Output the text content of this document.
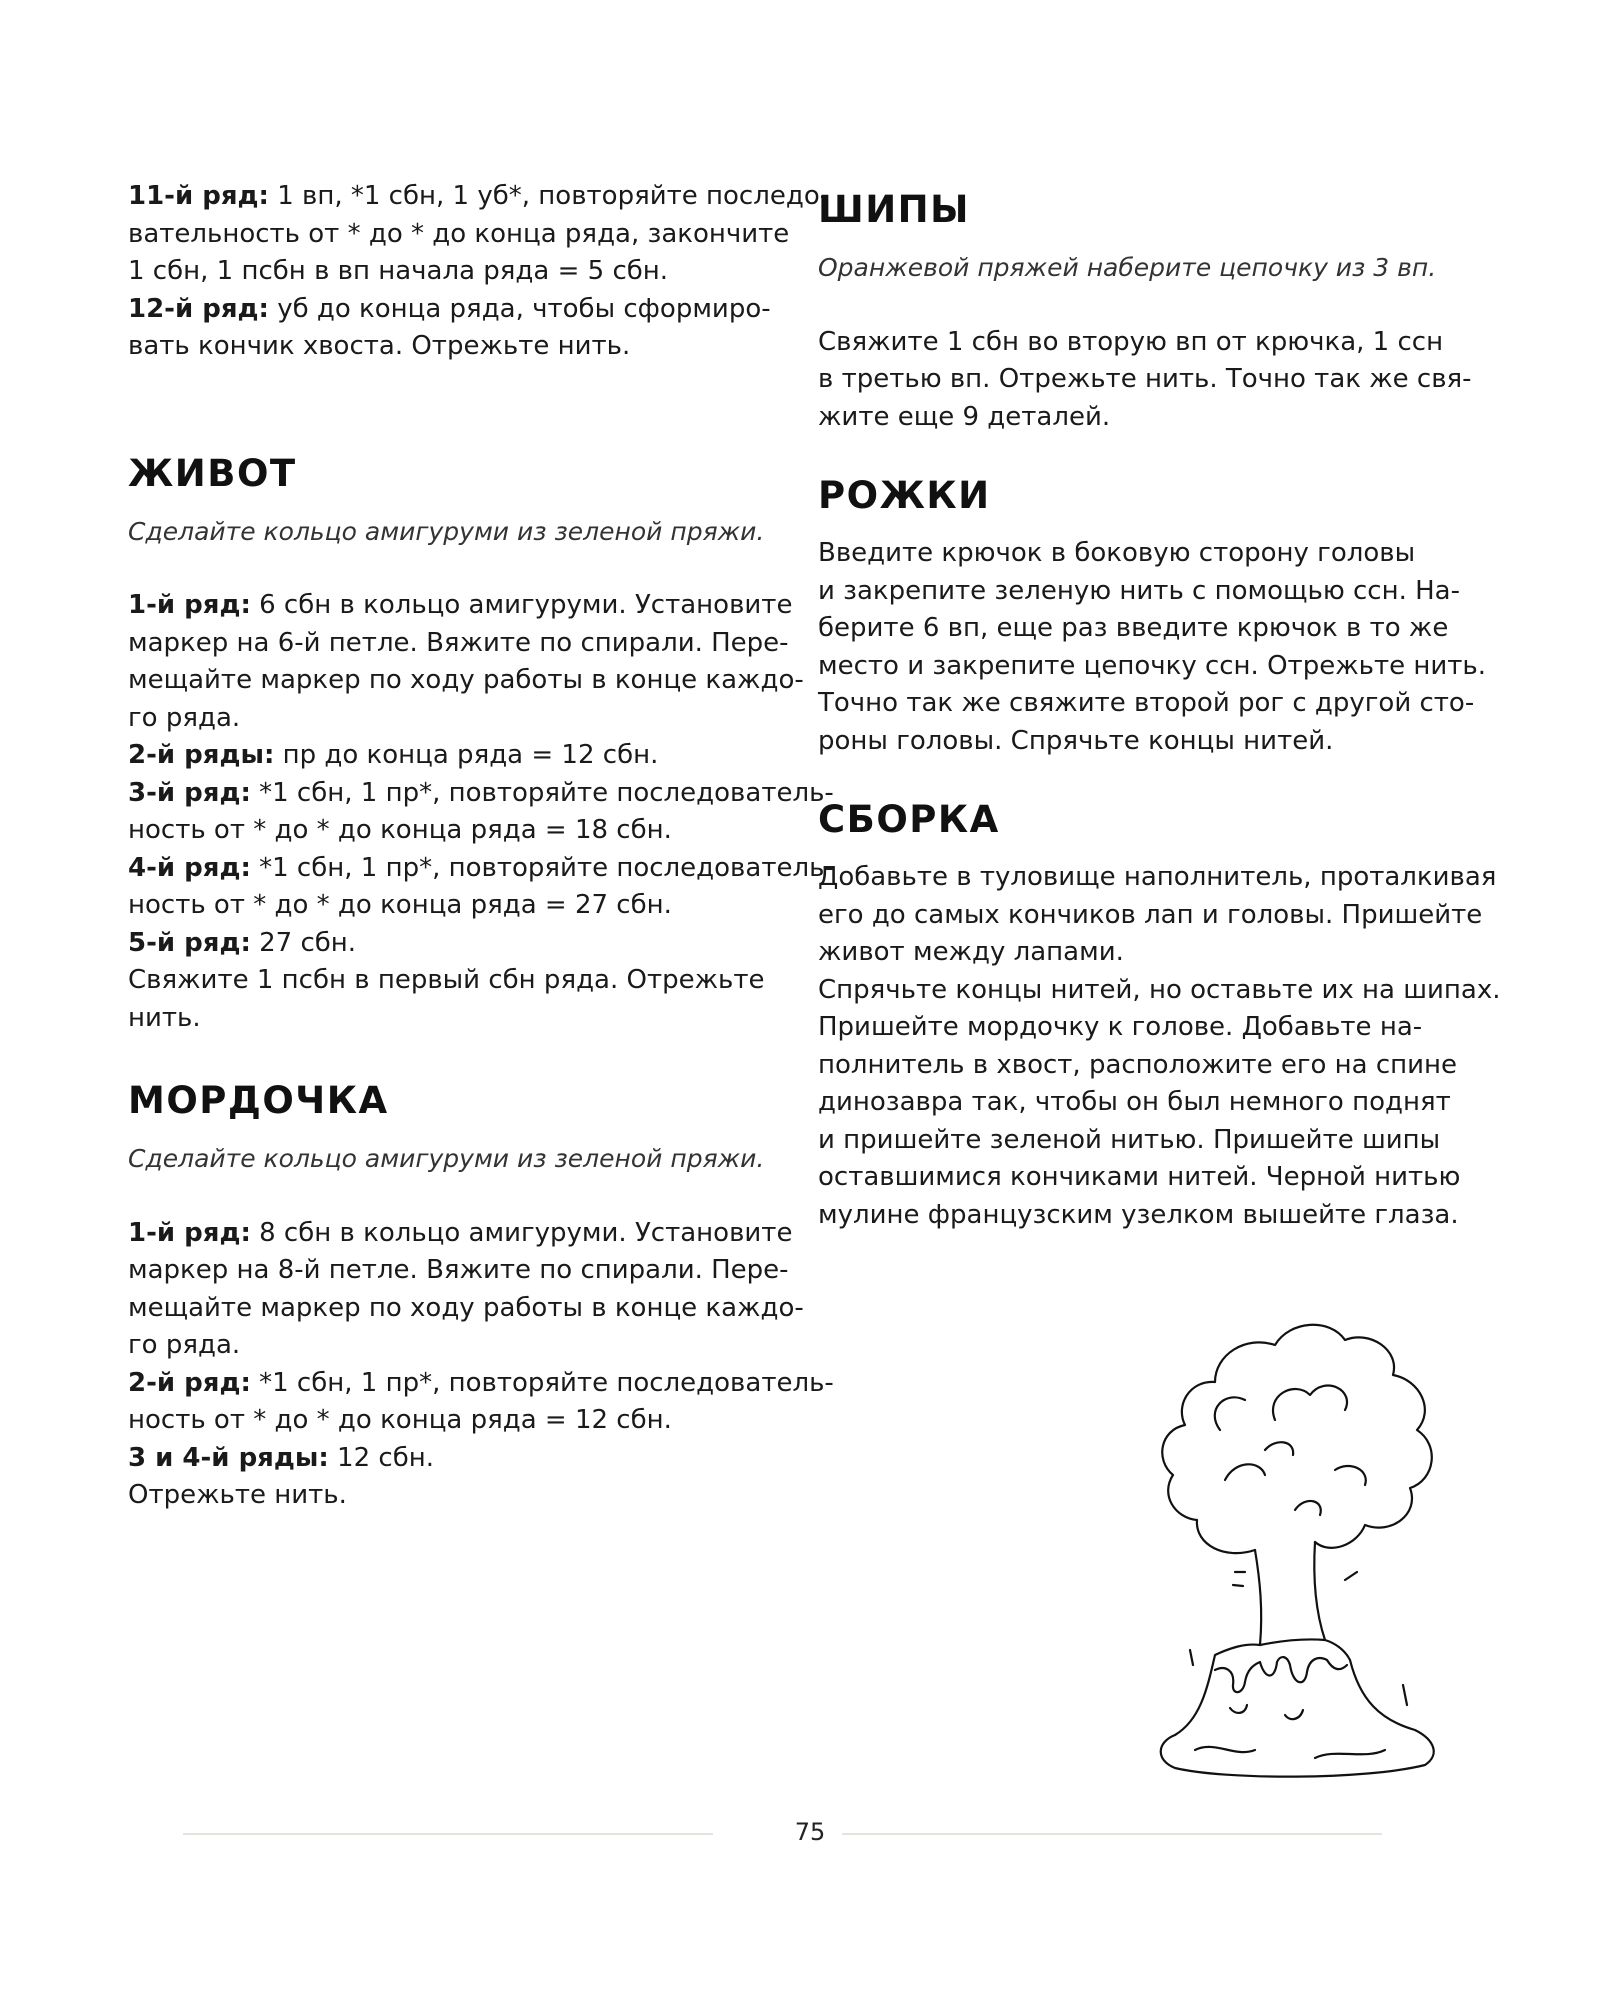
11-й ряд: 1 вп, *1 сбн, 1 уб*, повторяйте последо-

вательность от * до * до конца ряда, закончите

1 сбн, 1 псбн в вп начала ряда = 5 сбн.

12-й ряд: уб до конца ряда, чтобы сформиро-

вать кончик хвоста. Отрежьте нить.

ЖИВОТ

Сделайте кольцо амигуруми из зеленой пряжи.

1-й ряд: 6 сбн в кольцо амигуруми. Установите

маркер на 6-й петле. Вяжите по спирали. Пере-

мещайте маркер по ходу работы в конце каждо-

го ряда.

2-й ряды: пр до конца ряда = 12 сбн.

3-й ряд: *1 сбн, 1 пр*, повторяйте последователь-

ность от * до * до конца ряда = 18 сбн.

4-й ряд: *1 сбн, 1 пр*, повторяйте последователь-

ность от * до * до конца ряда = 27 сбн.

5-й ряд: 27 сбн.

Свяжите 1 псбн в первый сбн ряда. Отрежьте

нить.

МОРДОЧКА

Сделайте кольцо амигуруми из зеленой пряжи.

1-й ряд: 8 сбн в кольцо амигуруми. Установите

маркер на 8-й петле. Вяжите по спирали. Пере-

мещайте маркер по ходу работы в конце каждо-

го ряда.

2-й ряд: *1 сбн, 1 пр*, повторяйте последователь-

ность от * до * до конца ряда = 12 сбн.

3 и 4-й ряды: 12 сбн.

Отрежьте нить.

ШИПЫ

Оранжевой пряжей наберите цепочку из 3 вп.

Свяжите 1 сбн во вторую вп от крючка, 1 ссн

в третью вп. Отрежьте нить. Точно так же свя-

жите еще 9 деталей.

РОЖКИ

Введите крючок в боковую сторону головы

и закрепите зеленую нить с помощью ссн. На-

берите 6 вп, еще раз введите крючок в то же

место и закрепите цепочку ссн. Отрежьте нить.

Точно так же свяжите второй рог с другой сто-

роны головы. Спрячьте концы нитей.

СБОРКА

Добавьте в туловище наполнитель, проталкивая

его до самых кончиков лап и головы. Пришейте

живот между лапами.

Спрячьте концы нитей, но оставьте их на шипах.

Пришейте мордочку к голове. Добавьте на-

полнитель в хвост, расположите его на спине

динозавра так, чтобы он был немного поднят

и пришейте зеленой нитью. Пришейте шипы

оставшимися кончиками нитей. Черной нитью

мулине французским узелком вышейте глаза.

75
